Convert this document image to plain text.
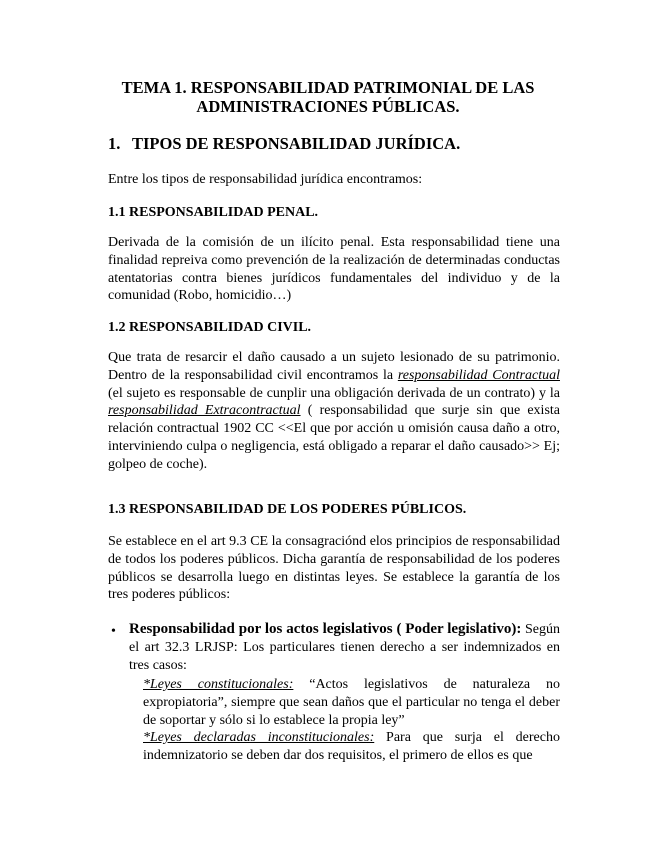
TEMA 1. RESPONSABILIDAD PATRIMONIAL DE LAS
ADMINISTRACIONES PÚBLICAS.
1. TIPOS DE RESPONSABILIDAD JURÍDICA.

Entre los tipos de responsabilidad jurídica encontramos:

1.1 RESPONSABILIDAD PENAL.

Derivada de la comisión de un ilícito penal. Esta responsabilidad tiene una finalidad repreiva como prevención de la realización de determinadas conductas atentatorias contra bienes jurídicos fundamentales del individuo y de la comunidad (Robo, homicidio…)

1.2 RESPONSABILIDAD CIVIL.

Que trata de resarcir el daño causado a un sujeto lesionado de su patrimonio. Dentro de la responsabilidad civil encontramos la responsabilidad Contractual (el sujeto es responsable de cunplir una obligación derivada de un contrato) y la responsabilidad Extracontractual ( responsabilidad que surje sin que exista relación contractual 1902 CC <<El que por acción u omisión causa daño a otro, interviniendo culpa o negligencia, está obligado a reparar el daño causado>> Ej; golpeo de coche).

1.3 RESPONSABILIDAD DE LOS PODERES PÚBLICOS.

Se establece en el art 9.3 CE la consagraciónd elos principios de responsabilidad de todos los poderes públicos. Dicha garantía de responsabilidad de los poderes públicos se desarrolla luego en distintas leyes. Se establece la garantía de los tres poderes públicos:

• Responsabilidad por los actos legislativos ( Poder legislativo): Según el art 32.3 LRJSP: Los particulares tienen derecho a ser indemnizados en tres casos:

*Leyes constitucionales: “Actos legislativos de naturaleza no expropiatoria”, siempre que sean daños que el particular no tenga el deber de soportar y sólo si lo establece la propia ley”

*Leyes declaradas inconstitucionales: Para que surja el derecho indemnizatorio se deben dar dos requisitos, el primero de ellos es que
